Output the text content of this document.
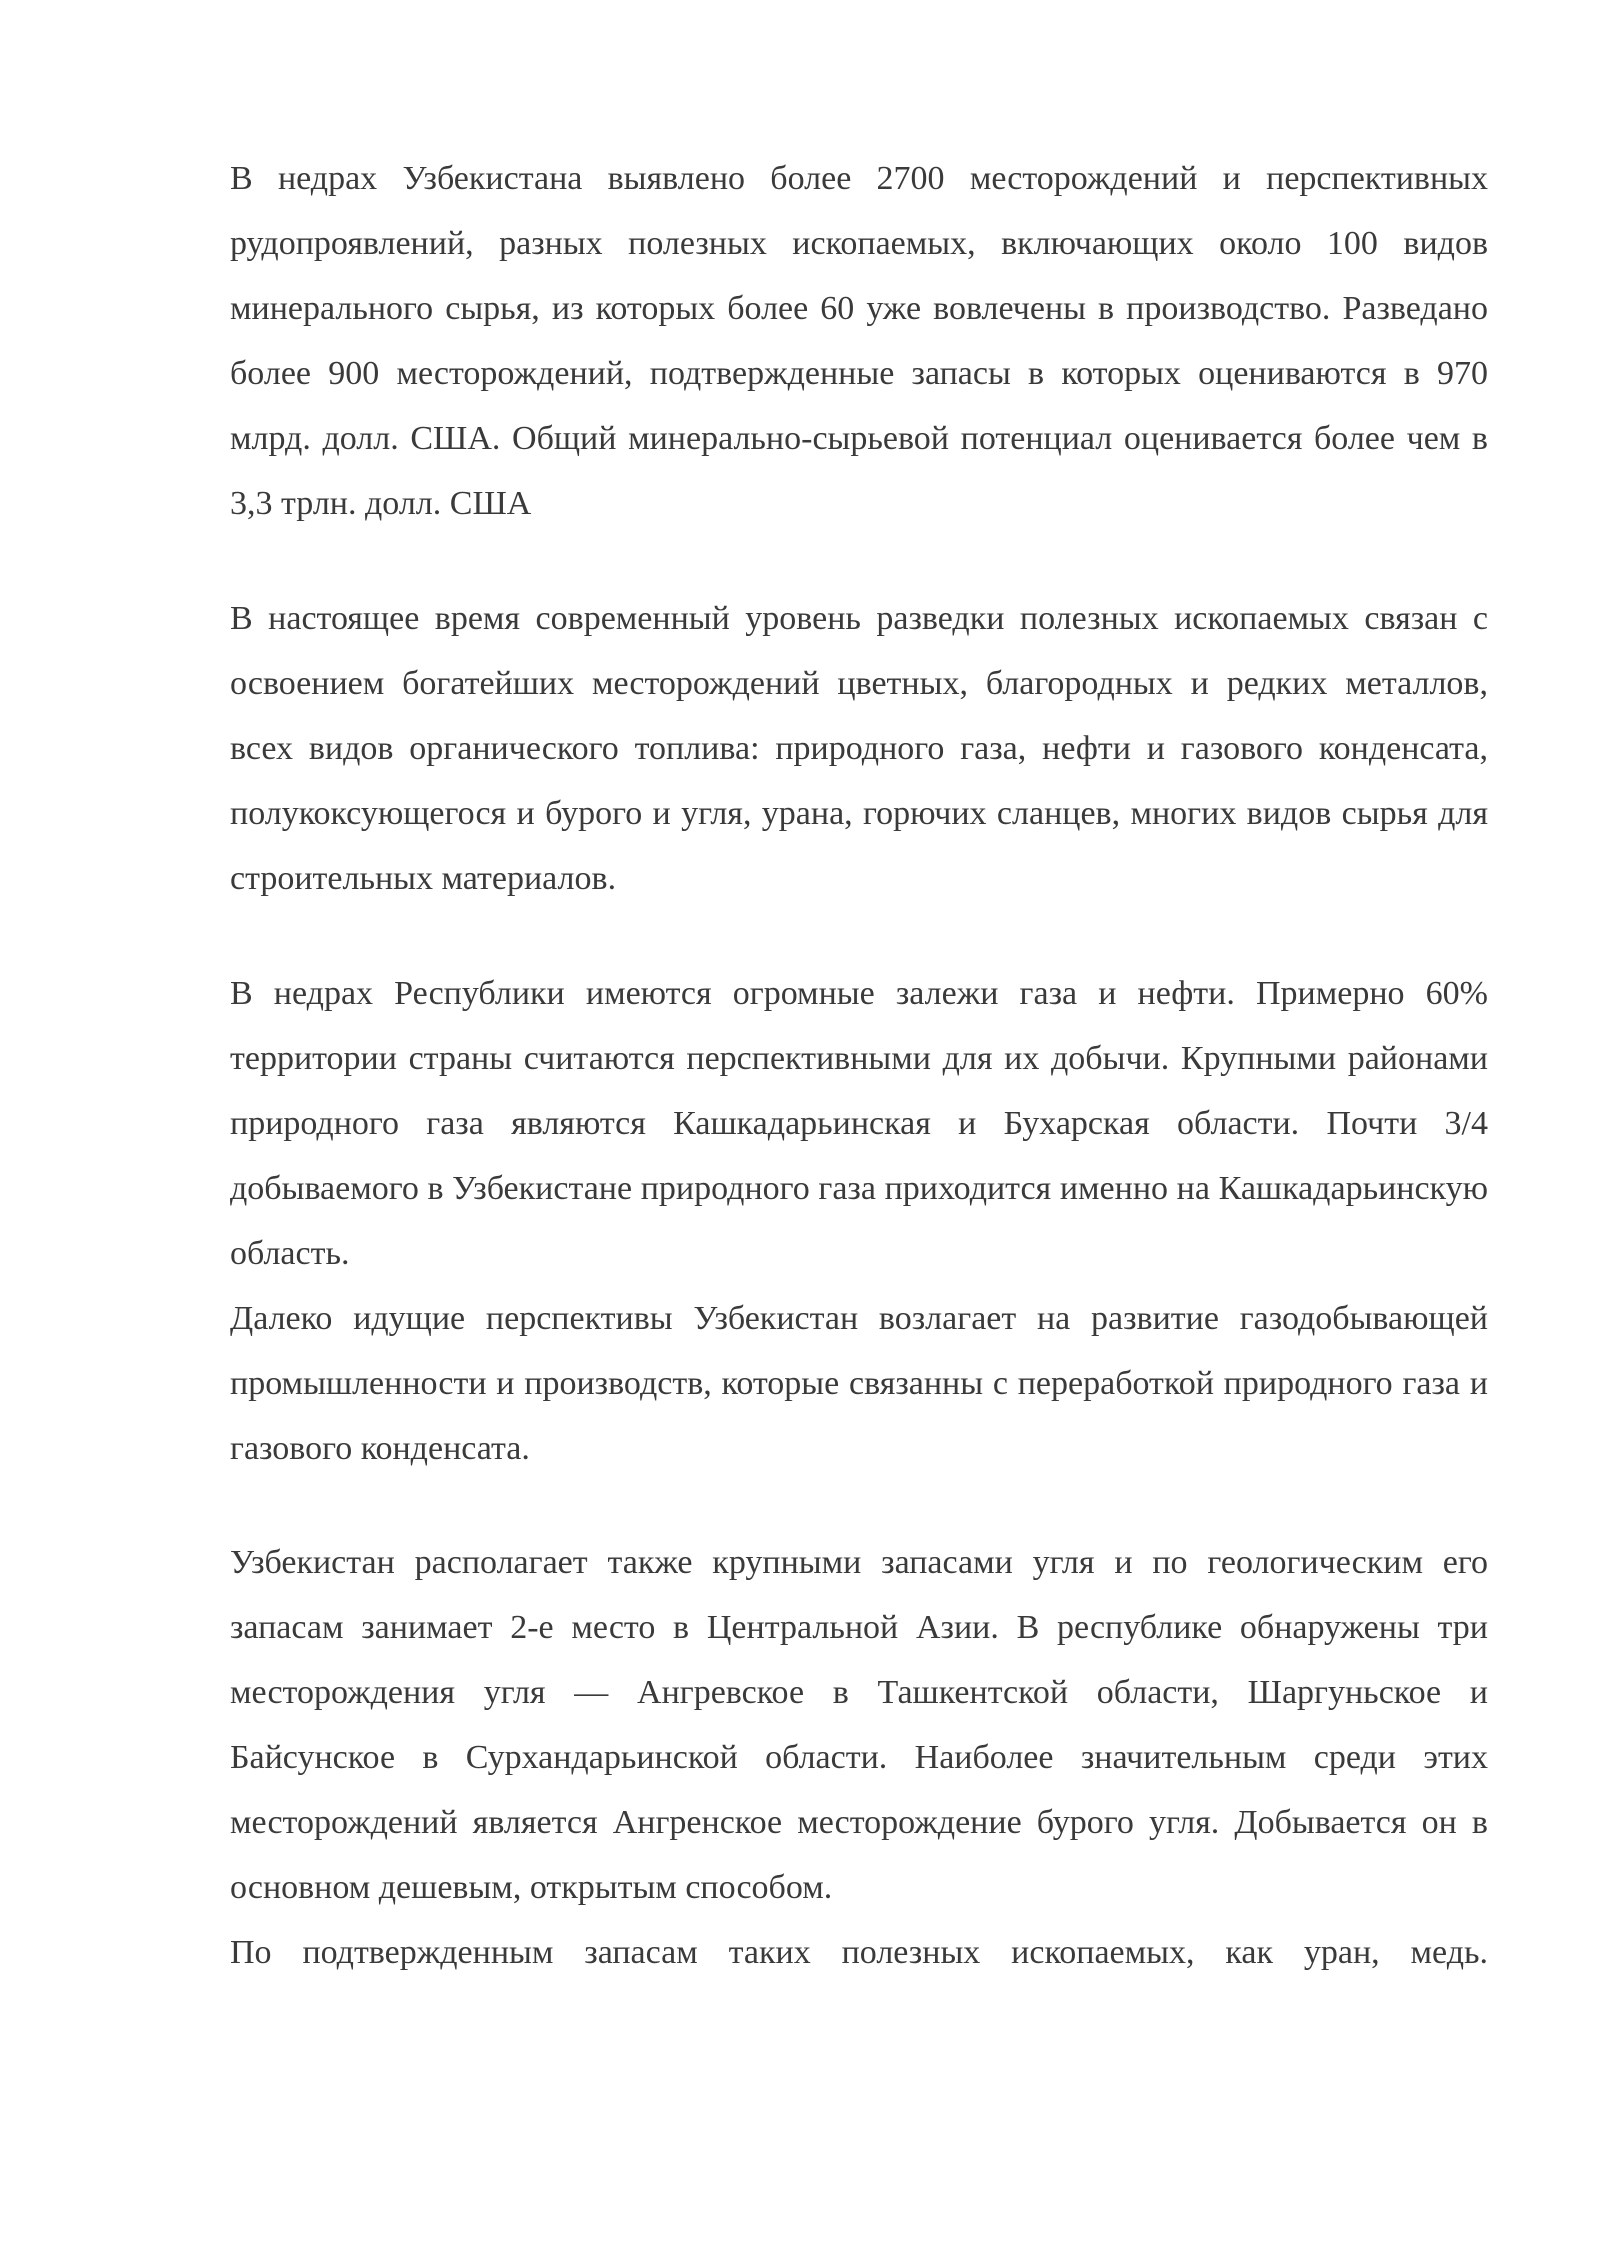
В недрах Узбекистана выявлено более 2700 месторождений и перспективных рудопроявлений, разных полезных ископаемых, включающих около 100 видов минерального сырья, из которых более 60 уже вовлечены в производство. Разведано более 900 месторождений, подтвержденные запасы в которых оцениваются в 970 млрд. долл. США. Общий минерально-сырьевой потенциал оценивается более чем в 3,3 трлн. долл. США

В настоящее время современный уровень разведки полезных ископаемых связан с освоением богатейших месторождений цветных, благородных и редких металлов, всех видов органического топлива: природного газа, нефти и газового конденсата, полукоксующегося и бурого и угля, урана, горючих сланцев, многих видов сырья для строительных материалов.

В недрах Республики имеются огромные залежи газа и нефти. Примерно 60% территории страны считаются перспективными для их добычи. Крупными районами природного газа являются Кашкадарьинская и Бухарская области. Почти 3/4 добываемого в Узбекистане природного газа приходится именно на Кашкадарьинскую область.

Далеко идущие перспективы Узбекистан возлагает на развитие газодобывающей промышленности и производств, которые связанны с переработкой природного газа и газового конденсата.

Узбекистан располагает также крупными запасами угля и по геологическим его запасам занимает 2-е место в Центральной Азии. В республике обнаружены три месторождения угля — Ангревское в Ташкентской области, Шаргуньское и Байсунское в Сурхандарьинской области. Наиболее значительным среди этих месторождений является Ангренское месторождение бурого угля. Добывается он в основном дешевым, открытым способом.

По подтвержденным запасам таких полезных ископаемых, как уран, медь.
